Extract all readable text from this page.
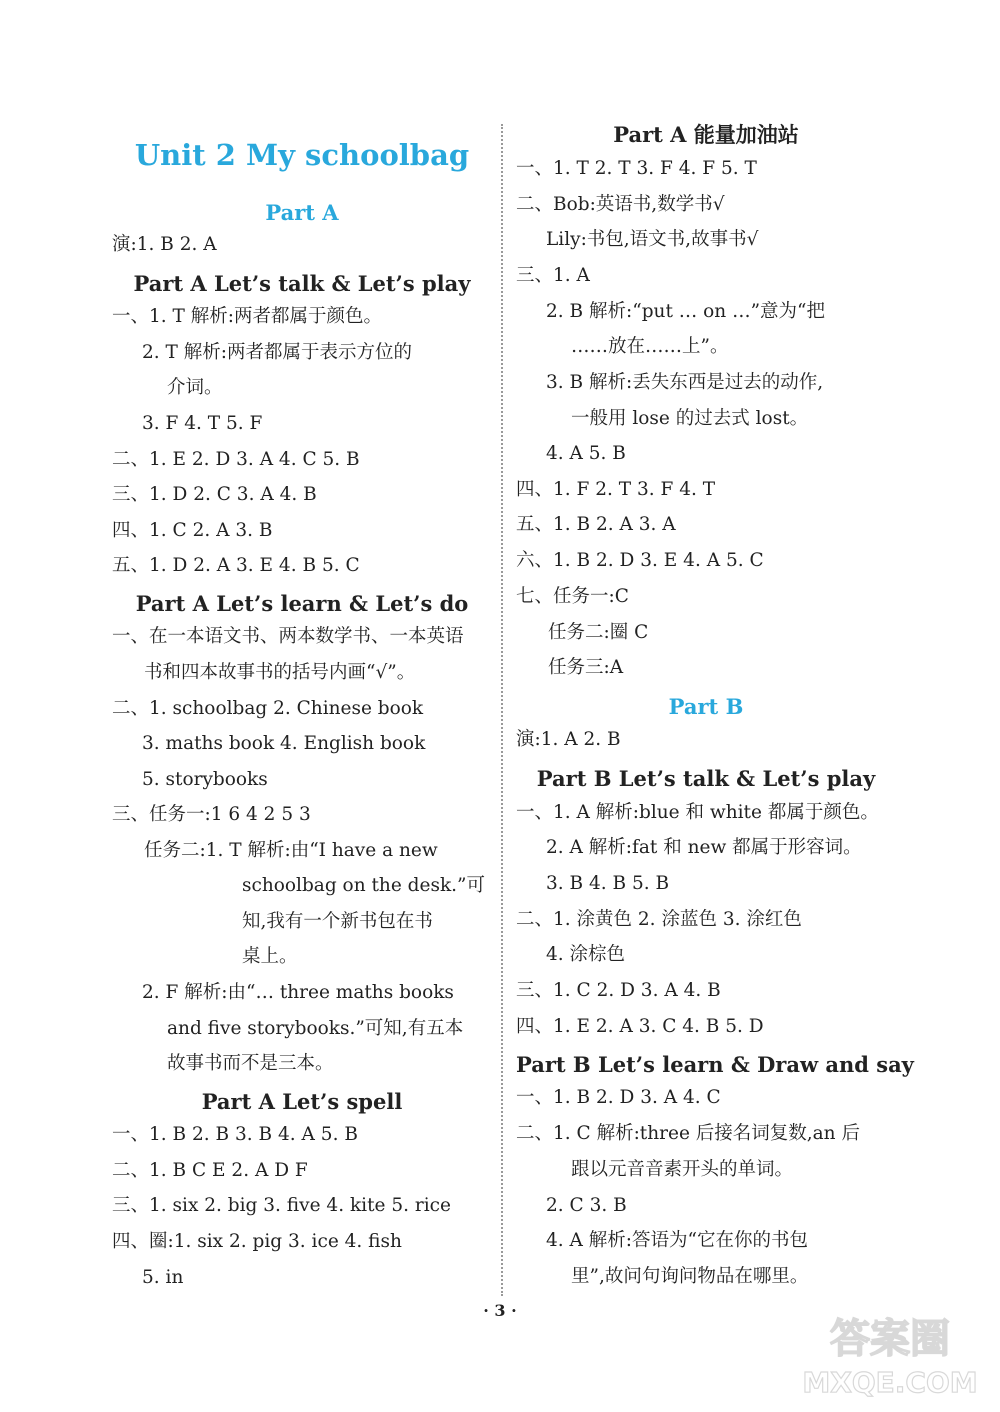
Unit 2 My schoolbag
Part A
演:1. B 2. A
Part A Let’s talk & Let’s play
一、1. T 解析:两者都属于颜色。
2. T 解析:两者都属于表示方位的
介词。
3. F 4. T 5. F
二、1. E 2. D 3. A 4. C 5. B
三、1. D 2. C 3. A 4. B
四、1. C 2. A 3. B
五、1. D 2. A 3. E 4. B 5. C
Part A Let’s learn & Let’s do
一、在一本语文书、两本数学书、一本英语
书和四本故事书的括号内画“√”。
二、1. schoolbag 2. Chinese book
3. maths book 4. English book
5. storybooks
三、任务一:1 6 4 2 5 3
任务二:1. T 解析:由“I have a new
schoolbag on the desk.”可
知,我有一个新书包在书
桌上。
2. F 解析:由“… three maths books
and five storybooks.”可知,有五本
故事书而不是三本。
Part A Let’s spell
一、1. B 2. B 3. B 4. A 5. B
二、1. B C E 2. A D F
三、1. six 2. big 3. five 4. kite 5. rice
四、圈:1. six 2. pig 3. ice 4. fish
5. in
Part A 能量加油站
一、1. T 2. T 3. F 4. F 5. T
二、Bob:英语书,数学书√
Lily:书包,语文书,故事书√
三、1. A
2. B 解析:“put … on …”意为“把
……放在……上”。
3. B 解析:丢失东西是过去的动作,
一般用 lose 的过去式 lost。
4. A 5. B
四、1. F 2. T 3. F 4. T
五、1. B 2. A 3. A
六、1. B 2. D 3. E 4. A 5. C
七、任务一:C
任务二:圈 C
任务三:A
Part B
演:1. A 2. B
Part B Let’s talk & Let’s play
一、1. A 解析:blue 和 white 都属于颜色。
2. A 解析:fat 和 new 都属于形容词。
3. B 4. B 5. B
二、1. 涂黄色 2. 涂蓝色 3. 涂红色
4. 涂棕色
三、1. C 2. D 3. A 4. B
四、1. E 2. A 3. C 4. B 5. D
Part B Let’s learn & Draw and say
一、1. B 2. D 3. A 4. C
二、1. C 解析:three 后接名词复数,an 后
跟以元音音素开头的单词。
2. C 3. B
4. A 解析:答语为“它在你的书包
里”,故问句询问物品在哪里。
· 3 ·
答案圈
MXQE.COM
